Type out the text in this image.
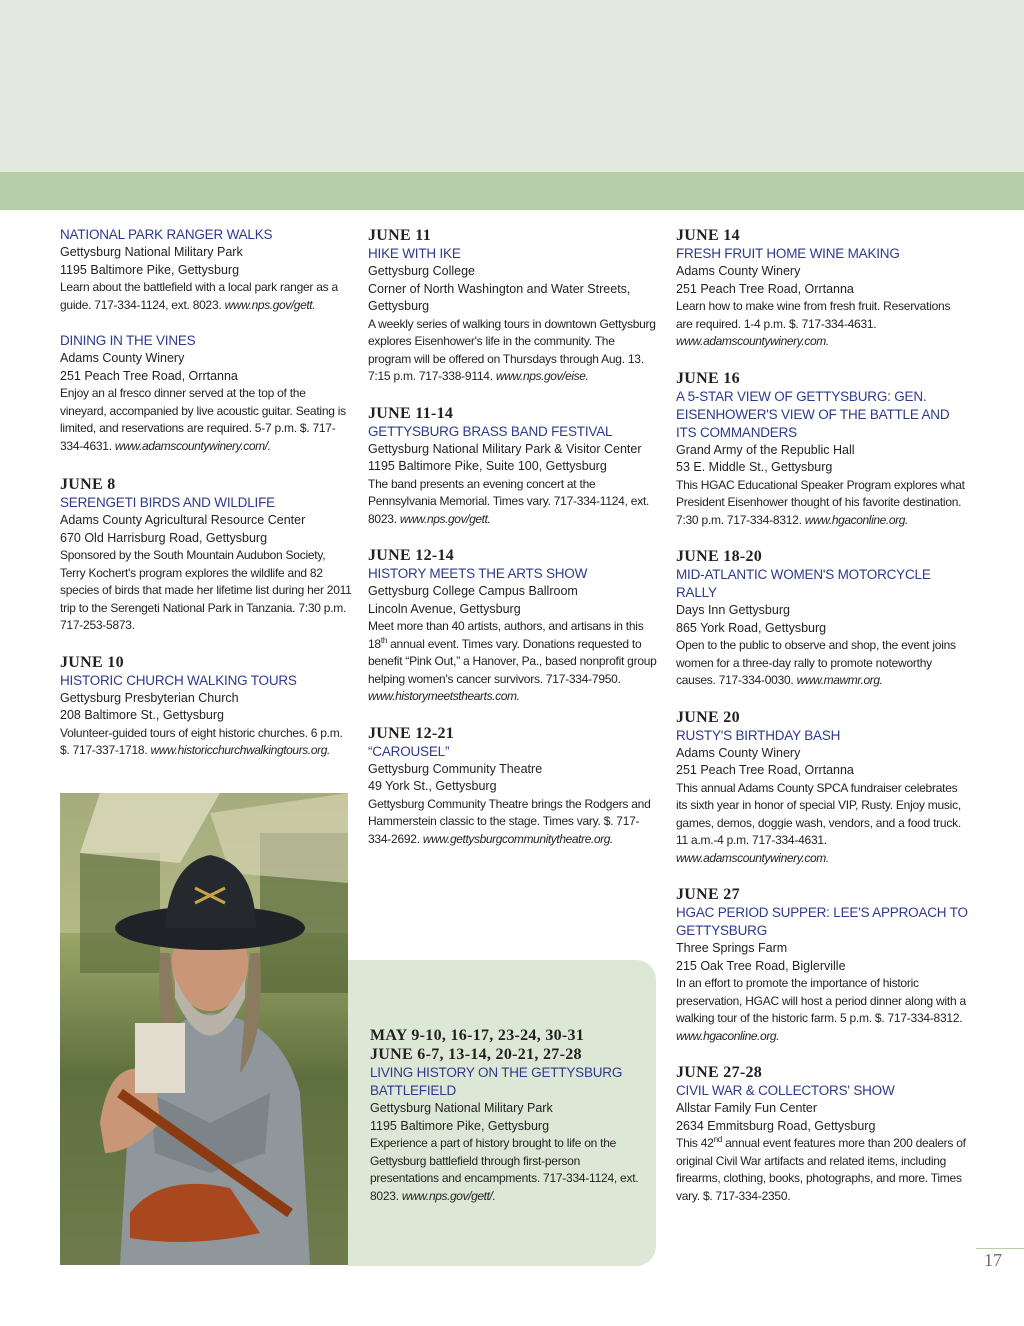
NATIONAL PARK RANGER WALKS
Gettysburg National Military Park
1195 Baltimore Pike, Gettysburg
Learn about the battlefield with a local park ranger as a guide. 717-334-1124, ext. 8023. www.nps.gov/gett.
DINING IN THE VINES
Adams County Winery
251 Peach Tree Road, Orrtanna
Enjoy an al fresco dinner served at the top of the vineyard, accompanied by live acoustic guitar. Seating is limited, and reservations are required. 5-7 p.m. $. 717-334-4631. www.adamscountywinery.com/.
JUNE 8
SERENGETI BIRDS AND WILDLIFE
Adams County Agricultural Resource Center
670 Old Harrisburg Road, Gettysburg
Sponsored by the South Mountain Audubon Society, Terry Kochert's program explores the wildlife and 82 species of birds that made her lifetime list during her 2011 trip to the Serengeti National Park in Tanzania. 7:30 p.m. 717-253-5873.
JUNE 10
HISTORIC CHURCH WALKING TOURS
Gettysburg Presbyterian Church
208 Baltimore St., Gettysburg
Volunteer-guided tours of eight historic churches. 6 p.m. $. 717-337-1718. www.historicchurchwalkingtours.org.
JUNE 11
HIKE WITH IKE
Gettysburg College
Corner of North Washington and Water Streets, Gettysburg
A weekly series of walking tours in downtown Gettysburg explores Eisenhower's life in the community. The program will be offered on Thursdays through Aug. 13. 7:15 p.m. 717-338-9114. www.nps.gov/eise.
JUNE 11-14
GETTYSBURG BRASS BAND FESTIVAL
Gettysburg National Military Park & Visitor Center
1195 Baltimore Pike, Suite 100, Gettysburg
The band presents an evening concert at the Pennsylvania Memorial. Times vary. 717-334-1124, ext. 8023. www.nps.gov/gett.
JUNE 12-14
HISTORY MEETS THE ARTS SHOW
Gettysburg College Campus Ballroom
Lincoln Avenue, Gettysburg
Meet more than 40 artists, authors, and artisans in this 18th annual event. Times vary. Donations requested to benefit “Pink Out,” a Hanover, Pa., based nonprofit group helping women's cancer survivors. 717-334-7950. www.historymeetsthearts.com.
JUNE 12-21
“CAROUSEL”
Gettysburg Community Theatre
49 York St., Gettysburg
Gettysburg Community Theatre brings the Rodgers and Hammerstein classic to the stage. Times vary. $. 717-334-2692. www.gettysburgcommunitytheatre.org.
MAY 9-10, 16-17, 23-24, 30-31
JUNE 6-7, 13-14, 20-21, 27-28
LIVING HISTORY ON THE GETTYSBURG BATTLEFIELD
Gettysburg National Military Park
1195 Baltimore Pike, Gettysburg
Experience a part of history brought to life on the Gettysburg battlefield through first-person presentations and encampments. 717-334-1124, ext. 8023. www.nps.gov/gett/.
JUNE 14
FRESH FRUIT HOME WINE MAKING
Adams County Winery
251 Peach Tree Road, Orrtanna
Learn how to make wine from fresh fruit. Reservations are required. 1-4 p.m. $. 717-334-4631. www.adamscountywinery.com.
JUNE 16
A 5-STAR VIEW OF GETTYSBURG: GEN. EISENHOWER'S VIEW OF THE BATTLE AND ITS COMMANDERS
Grand Army of the Republic Hall
53 E. Middle St., Gettysburg
This HGAC Educational Speaker Program explores what President Eisenhower thought of his favorite destination. 7:30 p.m. 717-334-8312. www.hgaconline.org.
JUNE 18-20
MID-ATLANTIC WOMEN'S MOTORCYCLE RALLY
Days Inn Gettysburg
865 York Road, Gettysburg
Open to the public to observe and shop, the event joins women for a three-day rally to promote noteworthy causes. 717-334-0030. www.mawmr.org.
JUNE 20
RUSTY'S BIRTHDAY BASH
Adams County Winery
251 Peach Tree Road, Orrtanna
This annual Adams County SPCA fundraiser celebrates its sixth year in honor of special VIP, Rusty. Enjoy music, games, demos, doggie wash, vendors, and a food truck. 11 a.m.-4 p.m. 717-334-4631. www.adamscountywinery.com.
JUNE 27
HGAC PERIOD SUPPER: LEE'S APPROACH TO GETTYSBURG
Three Springs Farm
215 Oak Tree Road, Biglerville
In an effort to promote the importance of historic preservation, HGAC will host a period dinner along with a walking tour of the historic farm. 5 p.m. $. 717-334-8312. www.hgaconline.org.
JUNE 27-28
CIVIL WAR & COLLECTORS' SHOW
Allstar Family Fun Center
2634 Emmitsburg Road, Gettysburg
This 42nd annual event features more than 200 dealers of original Civil War artifacts and related items, including firearms, clothing, books, photographs, and more. Times vary. $. 717-334-2350.
17
